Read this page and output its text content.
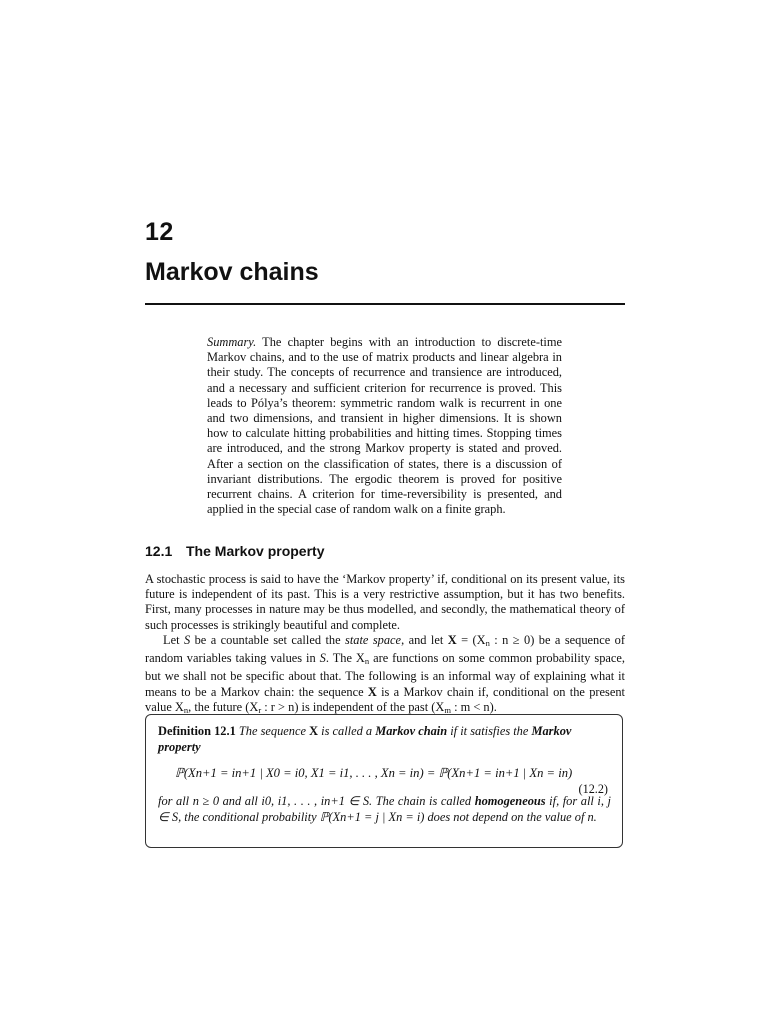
12
Markov chains
Summary. The chapter begins with an introduction to discrete-time Markov chains, and to the use of matrix products and linear algebra in their study. The concepts of recurrence and transience are introduced, and a necessary and sufficient criterion for recurrence is proved. This leads to Pólya’s theorem: symmetric random walk is recurrent in one and two dimensions, and transient in higher dimensions. It is shown how to calculate hitting probabilities and hitting times. Stopping times are introduced, and the strong Markov property is stated and proved. After a section on the classification of states, there is a discussion of invariant distributions. The ergodic theorem is proved for positive recurrent chains. A criterion for time-reversibility is presented, and applied in the special case of random walk on a finite graph.
12.1 The Markov property
A stochastic process is said to have the ‘Markov property’ if, conditional on its present value, its future is independent of its past. This is a very restrictive assumption, but it has two benefits. First, many processes in nature may be thus modelled, and secondly, the mathematical theory of such processes is strikingly beautiful and complete.
Let S be a countable set called the state space, and let $X = (X_n$ : n ≥ 0) be a sequence of random variables taking values in S. The $X_n$ are functions on some common probability space, but we shall not be specific about that. The following is an informal way of explaining what it means to be a Markov chain: the sequence X is a Markov chain if, conditional on the present value $X_n$, the future ($X_r$ : r > n) is independent of the past ($X_m$ : m < n).
Definition 12.1 The sequence X is called a Markov chain if it satisfies the Markov property
ℙ(Xn+1 = in+1 | X0 = i0, X1 = i1, . . . , Xn = in) = ℙ(Xn+1 = in+1 | Xn = in)
(12.2)
for all n ≥ 0 and all i0, i1, . . . , in+1 ∈ S. The chain is called homogeneous if, for all i, j ∈ S, the conditional probability ℙ(Xn+1 = j | Xn = i) does not depend on the value of n.
